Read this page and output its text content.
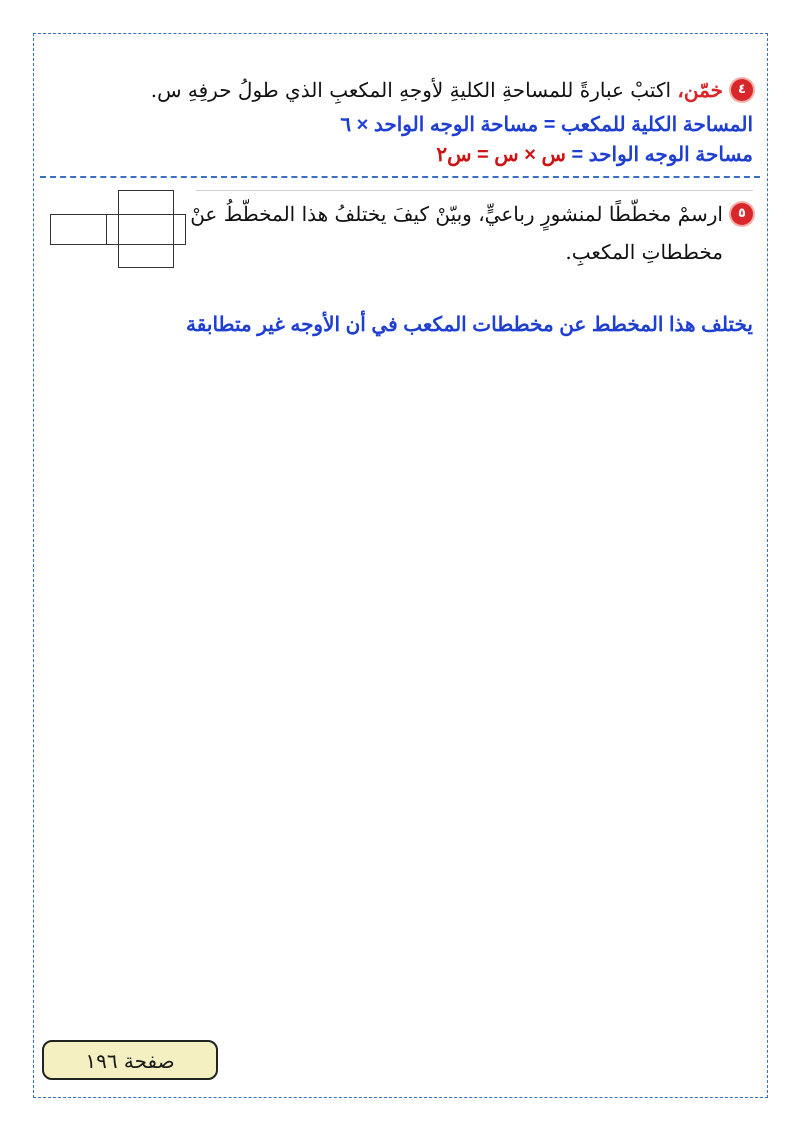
٤خمّن، اكتبْ عبارةً للمساحةِ الكليةِ لأوجهِ المكعبِ الذي طولُ حرفِهِ س.
المساحة الكلية للمكعب = مساحة الوجه الواحد × ٦
مساحة الوجه الواحد = س × س = س٢
٥ارسمْ مخطّطًا لمنشورٍ رباعيٍّ، وبيّنْ كيفَ يختلفُ هذا المخطّطُ عنْ
مخططاتِ المكعبِ.
يختلف هذا المخطط عن مخططات المكعب في أن الأوجه غير متطابقة
صفحة ١٩٦
